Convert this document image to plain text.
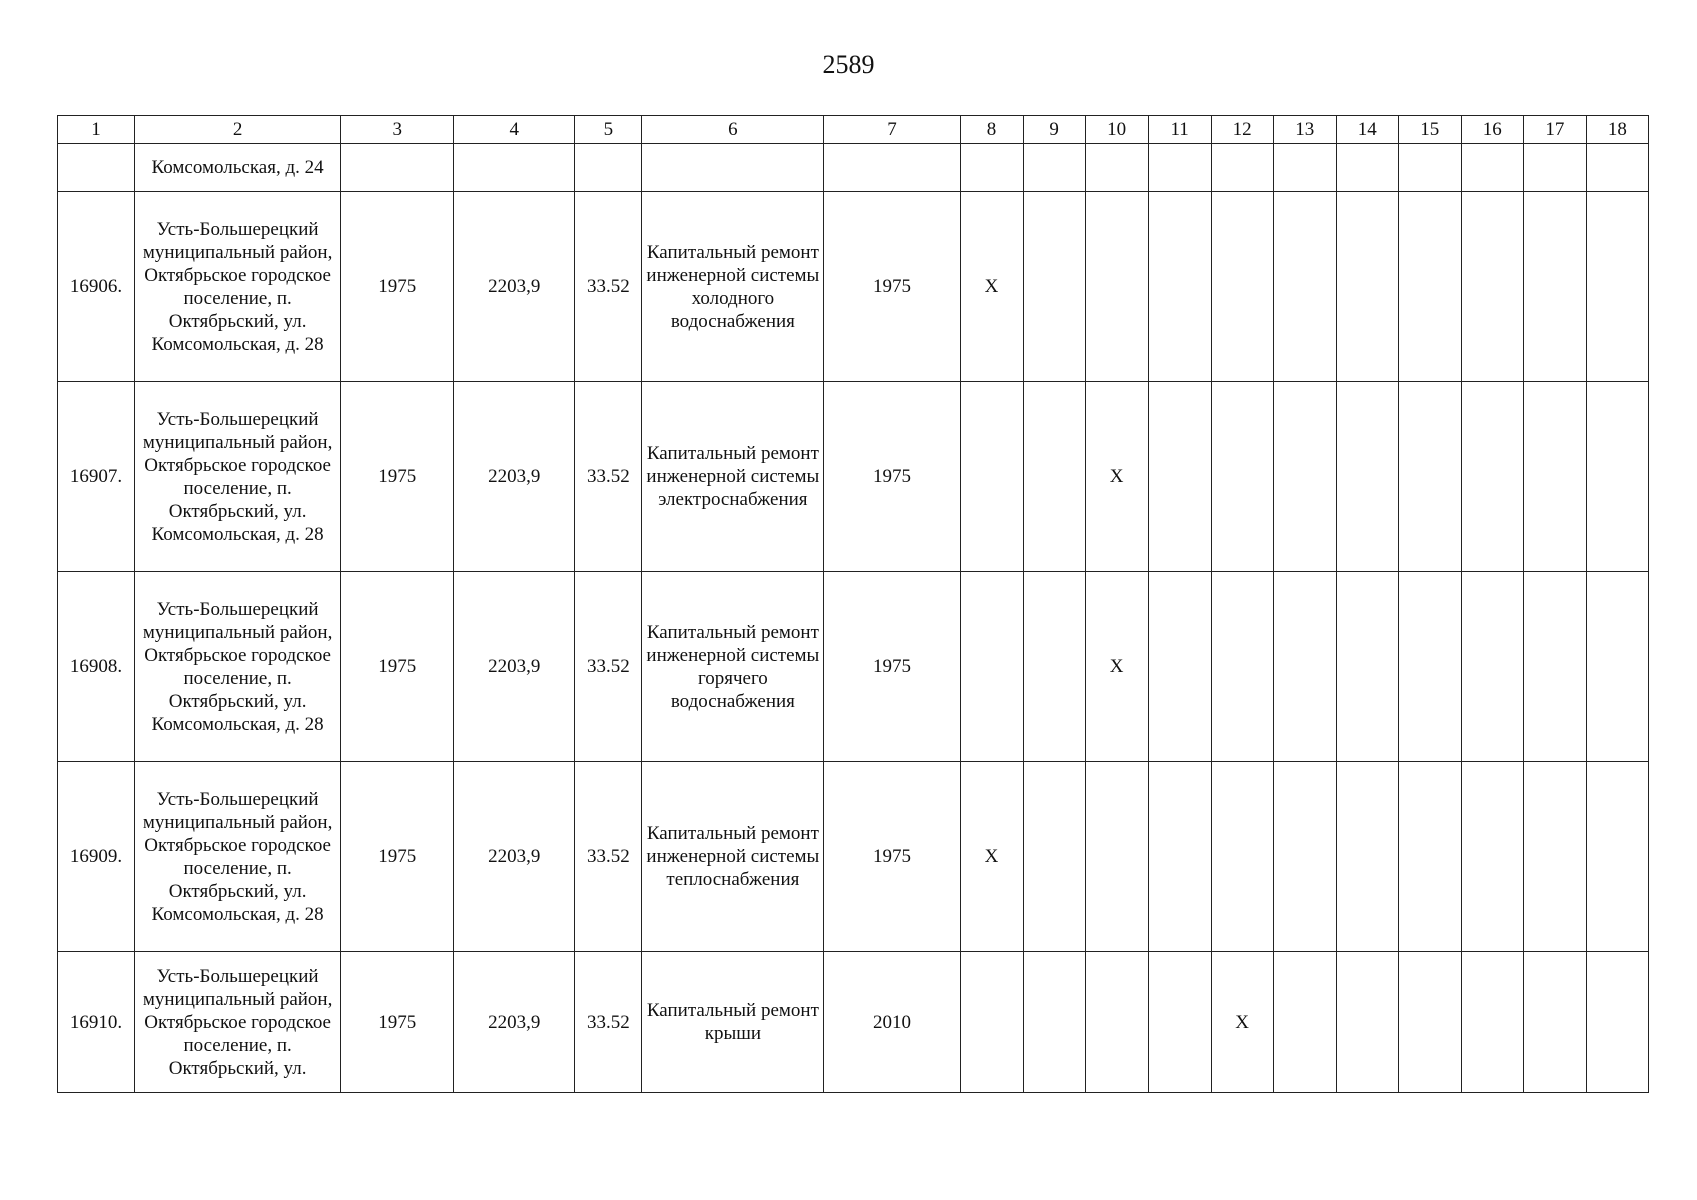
2589
1	2	3	4	5	6	7	8	9	10	11	12	13	14	15	16	17	18
	Комсомольская, д. 24																
16906.	Усть-Большерецкий муниципальный район, Октябрьское городское поселение, п. Октябрьский, ул. Комсомольская, д. 28	1975	2203,9	33.52	Капитальный ремонт инженерной системы холодного водоснабжения	1975	X										
16907.	Усть-Большерецкий муниципальный район, Октябрьское городское поселение, п. Октябрьский, ул. Комсомольская, д. 28	1975	2203,9	33.52	Капитальный ремонт инженерной системы электроснабжения	1975			X								
16908.	Усть-Большерецкий муниципальный район, Октябрьское городское поселение, п. Октябрьский, ул. Комсомольская, д. 28	1975	2203,9	33.52	Капитальный ремонт инженерной системы горячего водоснабжения	1975			X								
16909.	Усть-Большерецкий муниципальный район, Октябрьское городское поселение, п. Октябрьский, ул. Комсомольская, д. 28	1975	2203,9	33.52	Капитальный ремонт инженерной системы теплоснабжения	1975	X										
16910.	Усть-Большерецкий муниципальный район, Октябрьское городское поселение, п. Октябрьский, ул.	1975	2203,9	33.52	Капитальный ремонт крыши	2010					X						
